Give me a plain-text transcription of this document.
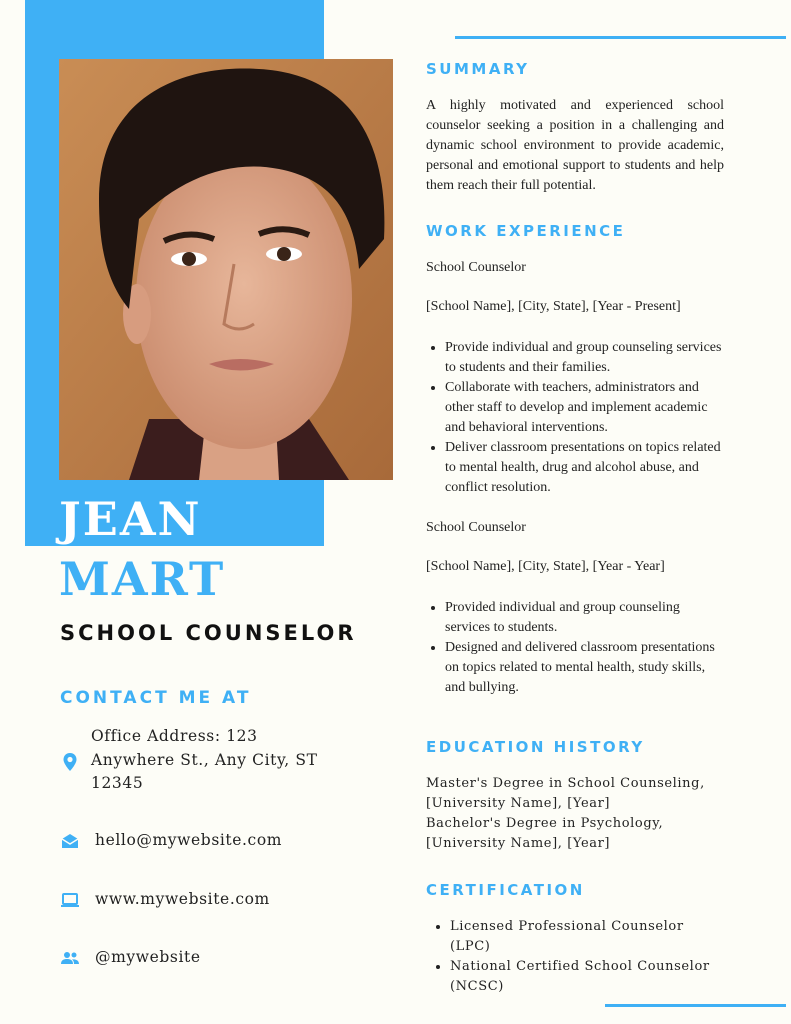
JEAN
MART
SCHOOL COUNSELOR
CONTACT ME AT
Office Address: 123 Anywhere St., Any City, ST 12345
hello@mywebsite.com
www.mywebsite.com
@mywebsite
SUMMARY

A highly motivated and experienced school counselor seeking a position in a challenging and dynamic school environment to provide academic, personal and emotional support to students and help them reach their full potential.

WORK EXPERIENCE

School Counselor

[School Name], [City, State], [Year - Present]

• Provide individual and group counseling services to students and their families.
• Collaborate with teachers, administrators and other staff to develop and implement academic and behavioral interventions.
• Deliver classroom presentations on topics related to mental health, drug and alcohol abuse, and conflict resolution.

School Counselor

[School Name], [City, State], [Year - Year]

• Provided individual and group counseling services to students.
• Designed and delivered classroom presentations on topics related to mental health, study skills, and bullying.
EDUCATION HISTORY
Master's Degree in School Counseling, [University Name], [Year]
Bachelor's Degree in Psychology, [University Name], [Year]
CERTIFICATION
• Licensed Professional Counselor (LPC)
• National Certified School Counselor (NCSC)
